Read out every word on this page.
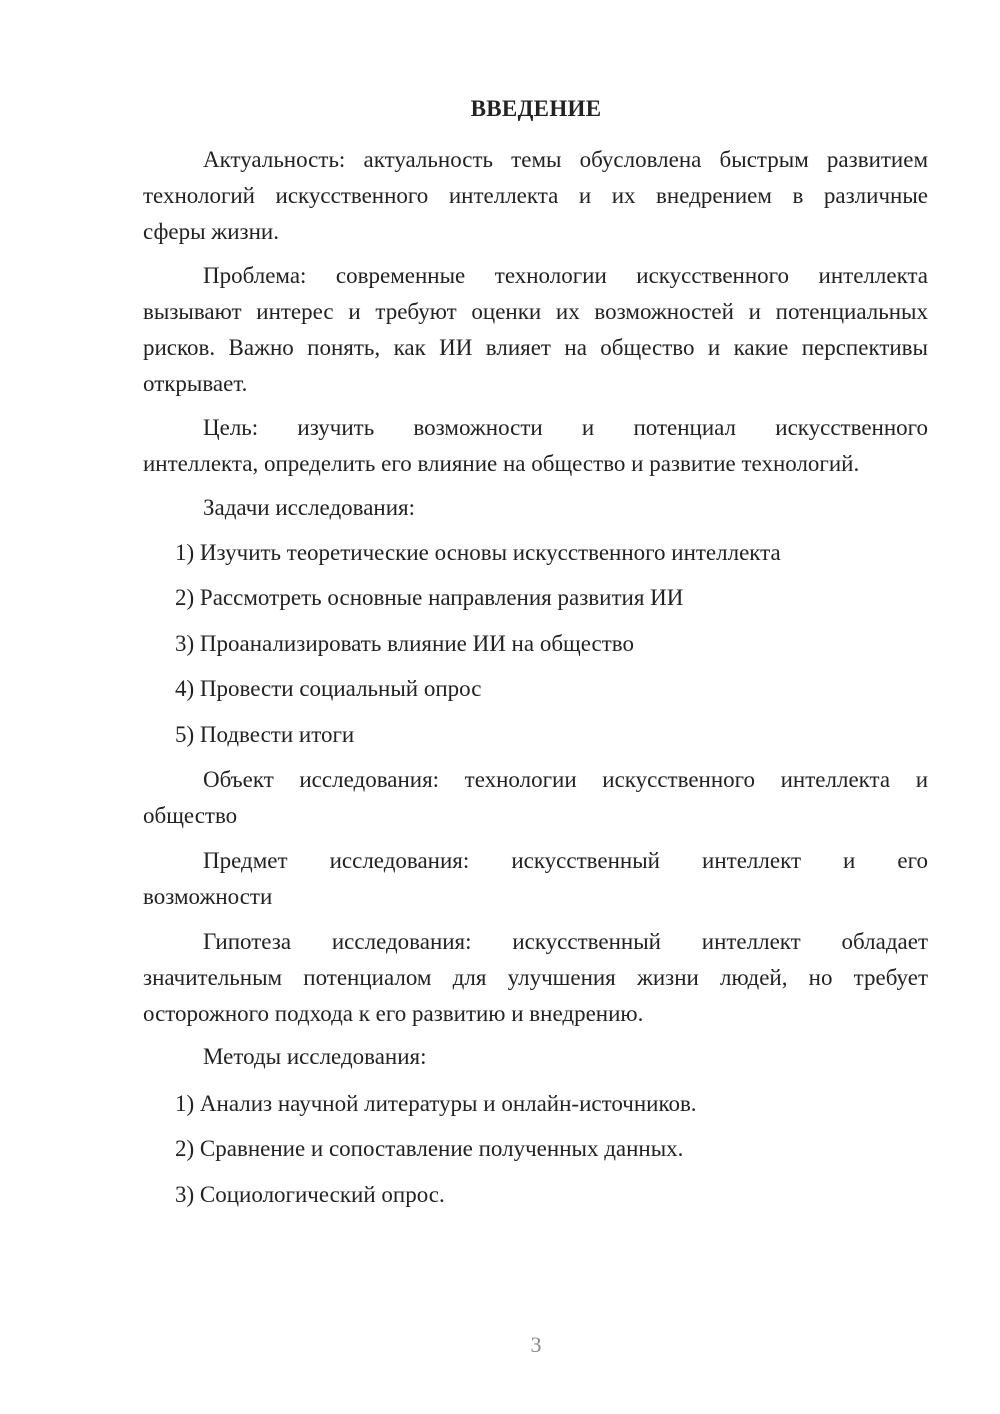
ВВЕДЕНИЕ
Актуальность: актуальность темы обусловлена быстрым развитием
технологий искусственного интеллекта и их внедрением в различные
сферы жизни.
Проблема: современные технологии искусственного интеллекта
вызывают интерес и требуют оценки их возможностей и потенциальных
рисков. Важно понять, как ИИ влияет на общество и какие перспективы
открывает.
Цель: изучить возможности и потенциал искусственного
интеллекта, определить его влияние на общество и развитие технологий.
Задачи исследования:
1) Изучить теоретические основы искусственного интеллекта
2) Рассмотреть основные направления развития ИИ
3) Проанализировать влияние ИИ на общество
4) Провести социальный опрос
5) Подвести итоги
Объект исследования: технологии искусственного интеллекта и
общество
Предмет исследования: искусственный интеллект и его
возможности
Гипотеза исследования: искусственный интеллект обладает
значительным потенциалом для улучшения жизни людей, но требует
осторожного подхода к его развитию и внедрению.
Методы исследования:
1) Анализ научной литературы и онлайн-источников.
2) Сравнение и сопоставление полученных данных.
3) Социологический опрос.
3
